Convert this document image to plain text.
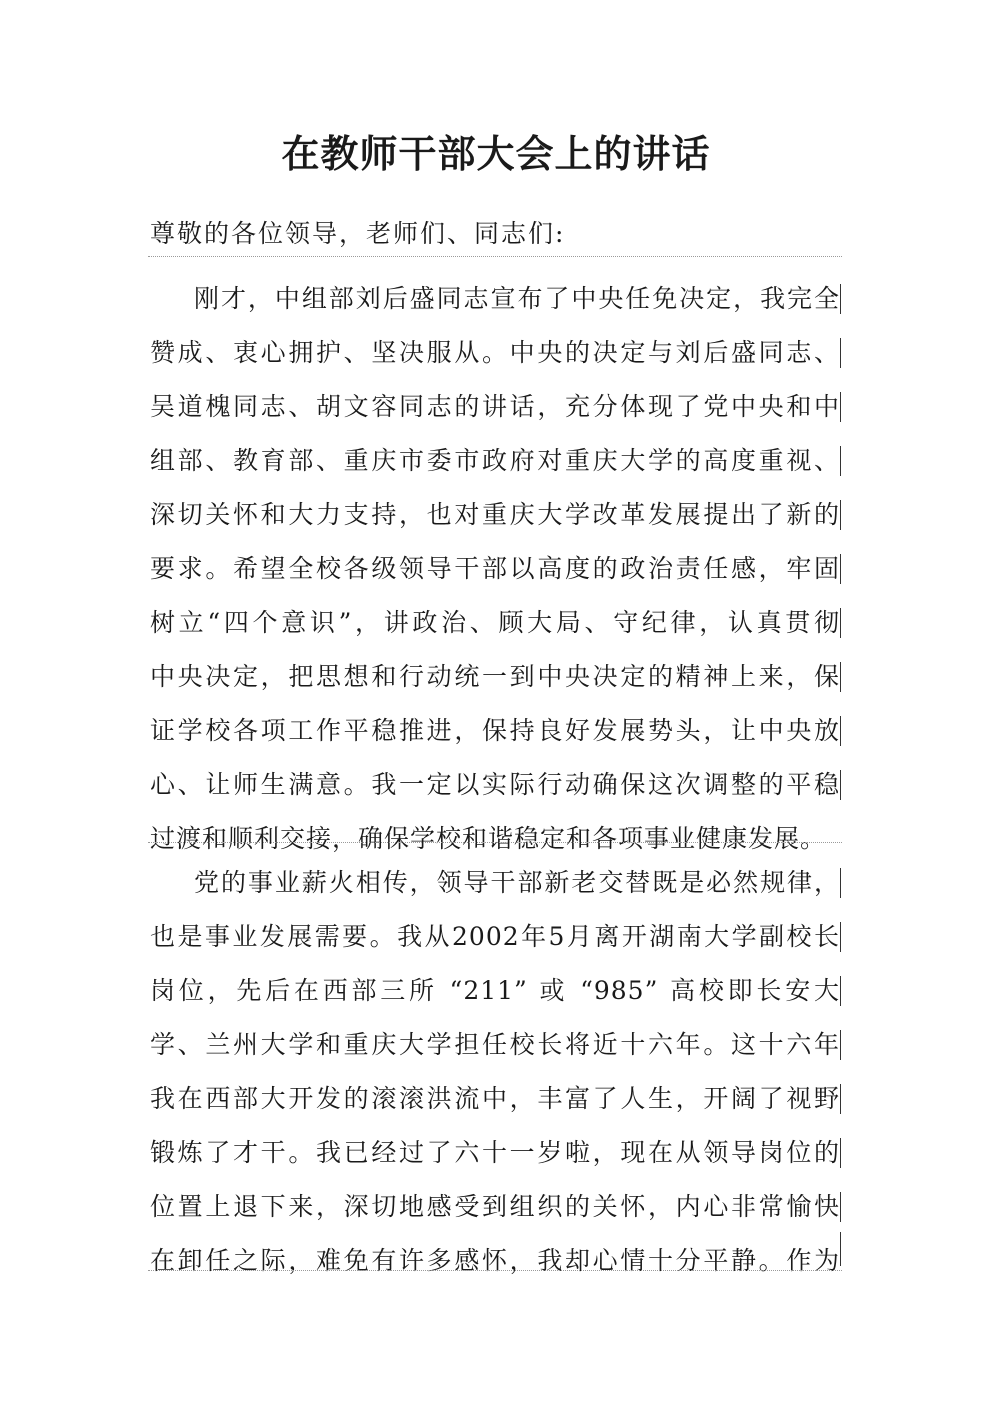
在教师干部大会上的讲话
尊敬的各位领导，老师们、同志们:
刚才，中组部刘后盛同志宣布了中央任免决定，我完全
赞成、衷心拥护、坚决服从。中央的决定与刘后盛同志、
吴道槐同志、胡文容同志的讲话，充分体现了党中央和中
组部、教育部、重庆市委市政府对重庆大学的高度重视、
深切关怀和大力支持，也对重庆大学改革发展提出了新的
要求。希望全校各级领导干部以高度的政治责任感，牢固
树立“四个意识”，讲政治、顾大局、守纪律，认真贯彻
中央决定，把思想和行动统一到中央决定的精神上来，保
证学校各项工作平稳推进，保持良好发展势头，让中央放
心、让师生满意。我一定以实际行动确保这次调整的平稳
过渡和顺利交接，确保学校和谐稳定和各项事业健康发展。
党的事业薪火相传，领导干部新老交替既是必然规律，
也是事业发展需要。我从2002年5月离开湖南大学副校长
岗位，先后在西部三所 “211” 或 “985” 高校即长安大
学、兰州大学和重庆大学担任校长将近十六年。这十六年
我在西部大开发的滚滚洪流中，丰富了人生，开阔了视野
锻炼了才干。我已经过了六十一岁啦，现在从领导岗位的
位置上退下来，深切地感受到组织的关怀，内心非常愉快
在卸任之际，难免有许多感怀，我却心情十分平静。作为
